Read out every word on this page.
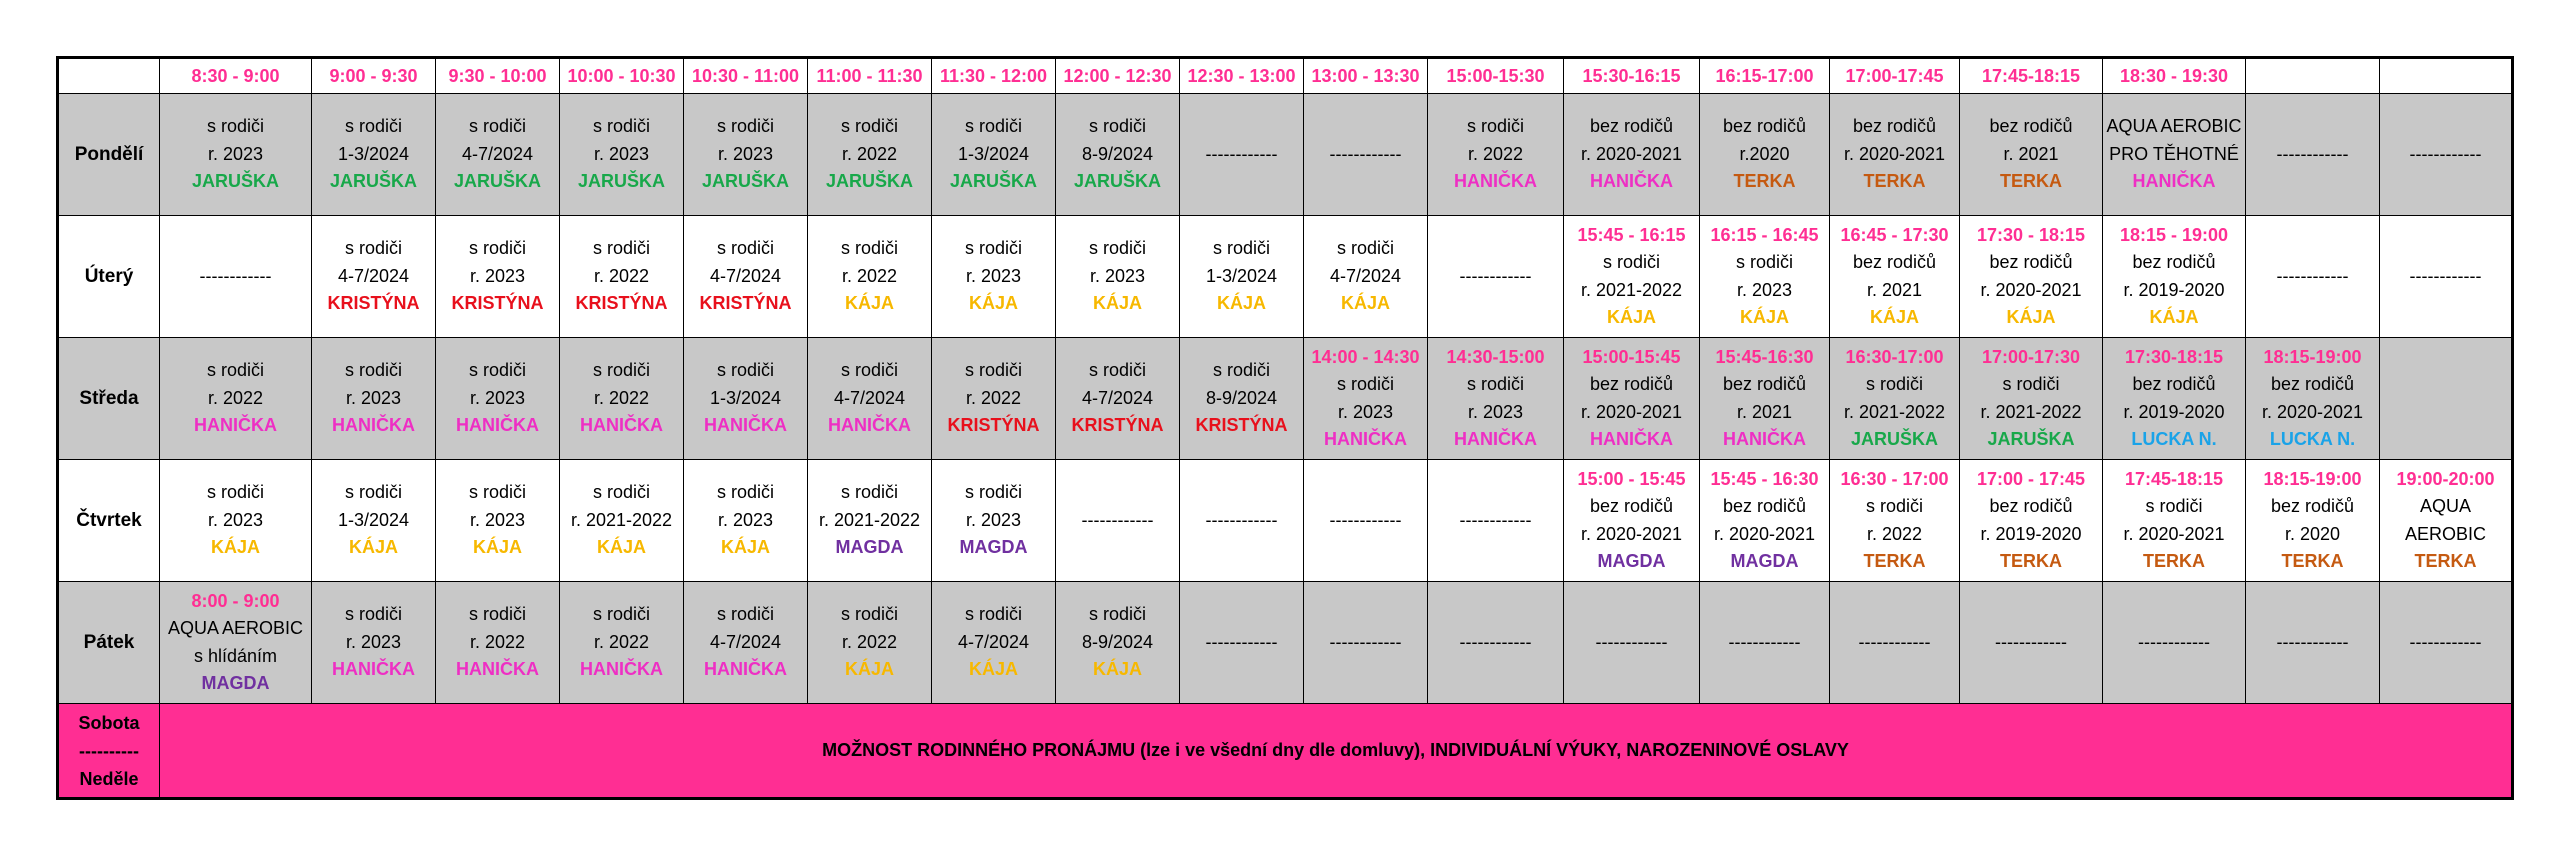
	8:30 - 9:00	9:00 - 9:30	9:30 - 10:00	10:00 - 10:30	10:30 - 11:00	11:00 - 11:30	11:30 - 12:00	12:00 - 12:30	12:30 - 13:00	13:00 - 13:30	15:00-15:30	15:30-16:15	16:15-17:00	17:00-17:45	17:45-18:15	18:30 - 19:30		
Pondělí	s rodiči
r. 2023
JARUŠKA	s rodiči
1-3/2024
JARUŠKA	s rodiči
4-7/2024
JARUŠKA	s rodiči
r. 2023
JARUŠKA	s rodiči
r. 2023
JARUŠKA	s rodiči
r. 2022
JARUŠKA	s rodiči
1-3/2024
JARUŠKA	s rodiči
8-9/2024
JARUŠKA	------------	------------	s rodiči
r. 2022
HANIČKA	bez rodičů
r. 2020-2021
HANIČKA	bez rodičů
r.2020
TERKA	bez rodičů
r. 2020-2021
TERKA	bez rodičů
r. 2021
TERKA	AQUA AEROBIC
PRO TĚHOTNÉ
HANIČKA	------------	------------

Úterý	------------	s rodiči
4-7/2024
KRISTÝNA	s rodiči
r. 2023
KRISTÝNA	s rodiči
r. 2022
KRISTÝNA	s rodiči
4-7/2024
KRISTÝNA	s rodiči
r. 2022
KÁJA	s rodiči
r. 2023
KÁJA	s rodiči
r. 2023
KÁJA	s rodiči
1-3/2024
KÁJA	s rodiči
4-7/2024
KÁJA	------------	15:45 - 16:15
s rodiči
r. 2021-2022
KÁJA	16:15 - 16:45
s rodiči
r. 2023
KÁJA	16:45 - 17:30
bez rodičů
r. 2021
KÁJA	17:30 - 18:15
bez rodičů
r. 2020-2021
KÁJA	18:15 - 19:00
bez rodičů
r. 2019-2020
KÁJA	------------	------------

Středa	s rodiči
r. 2022
HANIČKA	s rodiči
r. 2023
HANIČKA	s rodiči
r. 2023
HANIČKA	s rodiči
r. 2022
HANIČKA	s rodiči
1-3/2024
HANIČKA	s rodiči
4-7/2024
HANIČKA	s rodiči
r. 2022
KRISTÝNA	s rodiči
4-7/2024
KRISTÝNA	s rodiči
8-9/2024
KRISTÝNA	14:00 - 14:30
s rodiči
r. 2023
HANIČKA	14:30-15:00
s rodiči
r. 2023
HANIČKA	15:00-15:45
bez rodičů
r. 2020-2021
HANIČKA	15:45-16:30
bez rodičů
r. 2021
HANIČKA	16:30-17:00
s rodiči
r. 2021-2022
JARUŠKA	17:00-17:30
s rodiči
r. 2021-2022
JARUŠKA	17:30-18:15
bez rodičů
r. 2019-2020
LUCKA N.	18:15-19:00
bez rodičů
r. 2020-2021
LUCKA N.	

Čtvrtek	s rodiči
r. 2023
KÁJA	s rodiči
1-3/2024
KÁJA	s rodiči
r. 2023
KÁJA	s rodiči
r. 2021-2022
KÁJA	s rodiči
r. 2023
KÁJA	s rodiči
r. 2021-2022
MAGDA	s rodiči
r. 2023
MAGDA	------------	------------	------------	------------	15:00 - 15:45
bez rodičů
r. 2020-2021
MAGDA	15:45 - 16:30
bez rodičů
r. 2020-2021
MAGDA	16:30 - 17:00
s rodiči
r. 2022
TERKA	17:00 - 17:45
bez rodičů
r. 2019-2020
TERKA	17:45-18:15
s rodiči
r. 2020-2021
TERKA	18:15-19:00
bez rodičů
r. 2020
TERKA	19:00-20:00
AQUA
AEROBIC
TERKA

Pátek	8:00 - 9:00
AQUA AEROBIC
s hlídáním
MAGDA	s rodiči
r. 2023
HANIČKA	s rodiči
r. 2022
HANIČKA	s rodiči
r. 2022
HANIČKA	s rodiči
4-7/2024
HANIČKA	s rodiči
r. 2022
KÁJA	s rodiči
4-7/2024
KÁJA	s rodiči
8-9/2024
KÁJA	------------	------------	------------	------------	------------	------------	------------	------------	------------	------------

Sobota
----------
Neděle	MOŽNOST RODINNÉHO PRONÁJMU (lze i ve všední dny dle domluvy), INDIVIDUÁLNÍ VÝUKY, NAROZENINOVÉ OSLAVY																	
